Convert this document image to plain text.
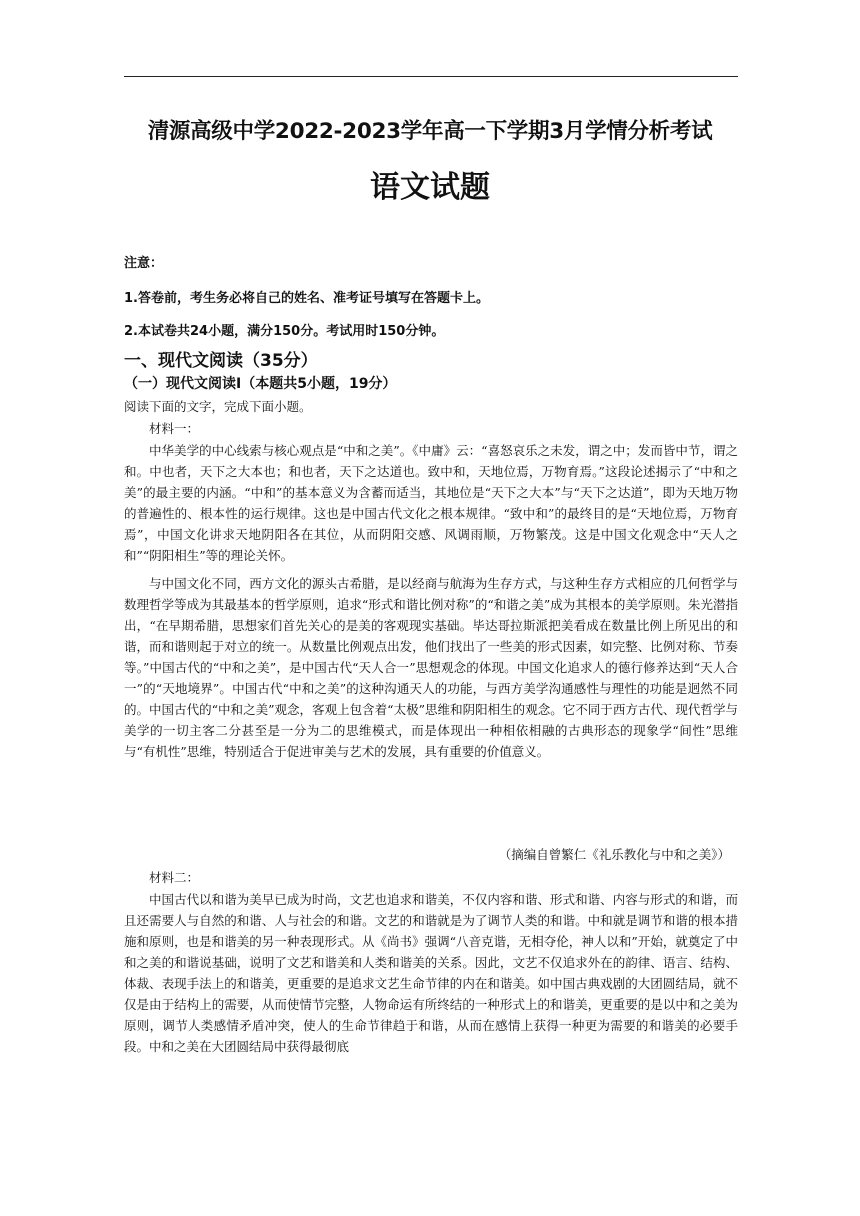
清源高级中学2022-2023学年高一下学期3月学情分析考试
语文试题
注意：
1.答卷前，考生务必将自己的姓名、准考证号填写在答题卡上。
2.本试卷共24小题，满分150分。考试用时150分钟。
一、现代文阅读（35分）
（一）现代文阅读Ⅰ（本题共5小题，19分）
阅读下面的文字，完成下面小题。
材料一：
中华美学的中心线索与核心观点是“中和之美”。《中庸》云：“喜怒哀乐之未发，谓之中；发而皆中节，谓之和。中也者，天下之大本也；和也者，天下之达道也。致中和，天地位焉，万物育焉。”这段论述揭示了“中和之美”的最主要的内涵。“中和”的基本意义为含蓄而适当，其地位是“天下之大本”与“天下之达道”，即为天地万物的普遍性的、根本性的运行规律。这也是中国古代文化之根本规律。“致中和”的最终目的是“天地位焉，万物育焉”，中国文化讲求天地阴阳各在其位，从而阴阳交感、风调雨顺，万物繁茂。这是中国文化观念中“天人之和”“阴阳相生”等的理论关怀。
与中国文化不同，西方文化的源头古希腊，是以经商与航海为生存方式，与这种生存方式相应的几何哲学与数理哲学等成为其最基本的哲学原则，追求“形式和谐比例对称”的“和谐之美”成为其根本的美学原则。朱光潜指出，“在早期希腊，思想家们首先关心的是美的客观现实基础。毕达哥拉斯派把美看成在数量比例上所见出的和谐，而和谐则起于对立的统一。从数量比例观点出发，他们找出了一些美的形式因素，如完整、比例对称、节奏等。”中国古代的“中和之美”，是中国古代“天人合一”思想观念的体现。中国文化追求人的德行修养达到“天人合一”的“天地境界”。中国古代“中和之美”的这种沟通天人的功能，与西方美学沟通感性与理性的功能是迥然不同的。中国古代的“中和之美”观念，客观上包含着“太极”思维和阴阳相生的观念。它不同于西方古代、现代哲学与美学的一切主客二分甚至是一分为二的思维模式，而是体现出一种相依相融的古典形态的现象学“间性”思维与“有机性”思维，特别适合于促进审美与艺术的发展，具有重要的价值意义。
（摘编自曾繁仁《礼乐教化与中和之美》）
材料二：
中国古代以和谐为美早已成为时尚，文艺也追求和谐美，不仅内容和谐、形式和谐、内容与形式的和谐，而且还需要人与自然的和谐、人与社会的和谐。文艺的和谐就是为了调节人类的和谐。中和就是调节和谐的根本措施和原则，也是和谐美的另一种表现形式。从《尚书》强调“八音克谐，无相夺伦，神人以和”开始，就奠定了中和之美的和谐说基础，说明了文艺和谐美和人类和谐美的关系。因此，文艺不仅追求外在的韵律、语言、结构、体裁、表现手法上的和谐美，更重要的是追求文艺生命节律的内在和谐美。如中国古典戏剧的大团圆结局，就不仅是由于结构上的需要，从而使情节完整，人物命运有所终结的一种形式上的和谐美，更重要的是以中和之美为原则，调节人类感情矛盾冲突，使人的生命节律趋于和谐，从而在感情上获得一种更为需要的和谐美的必要手段。中和之美在大团圆结局中获得最彻底
